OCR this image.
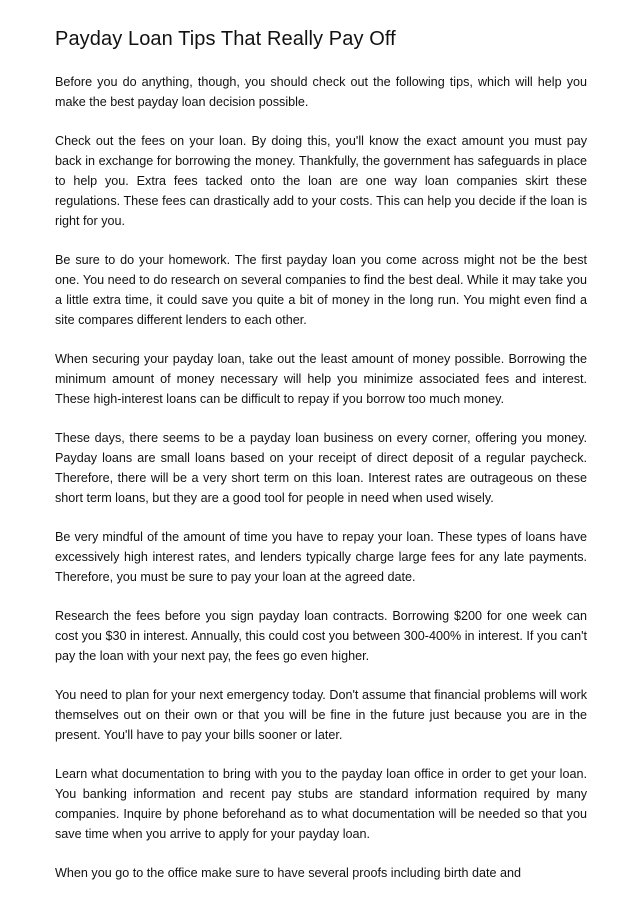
Payday Loan Tips That Really Pay Off

Before you do anything, though, you should check out the following tips, which will help you make the best payday loan decision possible.

Check out the fees on your loan. By doing this, you'll know the exact amount you must pay back in exchange for borrowing the money. Thankfully, the government has safeguards in place to help you. Extra fees tacked onto the loan are one way loan companies skirt these regulations. These fees can drastically add to your costs. This can help you decide if the loan is right for you.

Be sure to do your homework. The first payday loan you come across might not be the best one. You need to do research on several companies to find the best deal. While it may take you a little extra time, it could save you quite a bit of money in the long run. You might even find a site compares different lenders to each other.

When securing your payday loan, take out the least amount of money possible. Borrowing the minimum amount of money necessary will help you minimize associated fees and interest. These high-interest loans can be difficult to repay if you borrow too much money.

These days, there seems to be a payday loan business on every corner, offering you money. Payday loans are small loans based on your receipt of direct deposit of a regular paycheck. Therefore, there will be a very short term on this loan. Interest rates are outrageous on these short term loans, but they are a good tool for people in need when used wisely.

Be very mindful of the amount of time you have to repay your loan. These types of loans have excessively high interest rates, and lenders typically charge large fees for any late payments. Therefore, you must be sure to pay your loan at the agreed date.

Research the fees before you sign payday loan contracts. Borrowing $200 for one week can cost you $30 in interest. Annually, this could cost you between 300-400% in interest. If you can't pay the loan with your next pay, the fees go even higher.

You need to plan for your next emergency today. Don't assume that financial problems will work themselves out on their own or that you will be fine in the future just because you are in the present. You'll have to pay your bills sooner or later.

Learn what documentation to bring with you to the payday loan office in order to get your loan. You banking information and recent pay stubs are standard information required by many companies. Inquire by phone beforehand as to what documentation will be needed so that you save time when you arrive to apply for your payday loan.

When you go to the office make sure to have several proofs including birth date and
